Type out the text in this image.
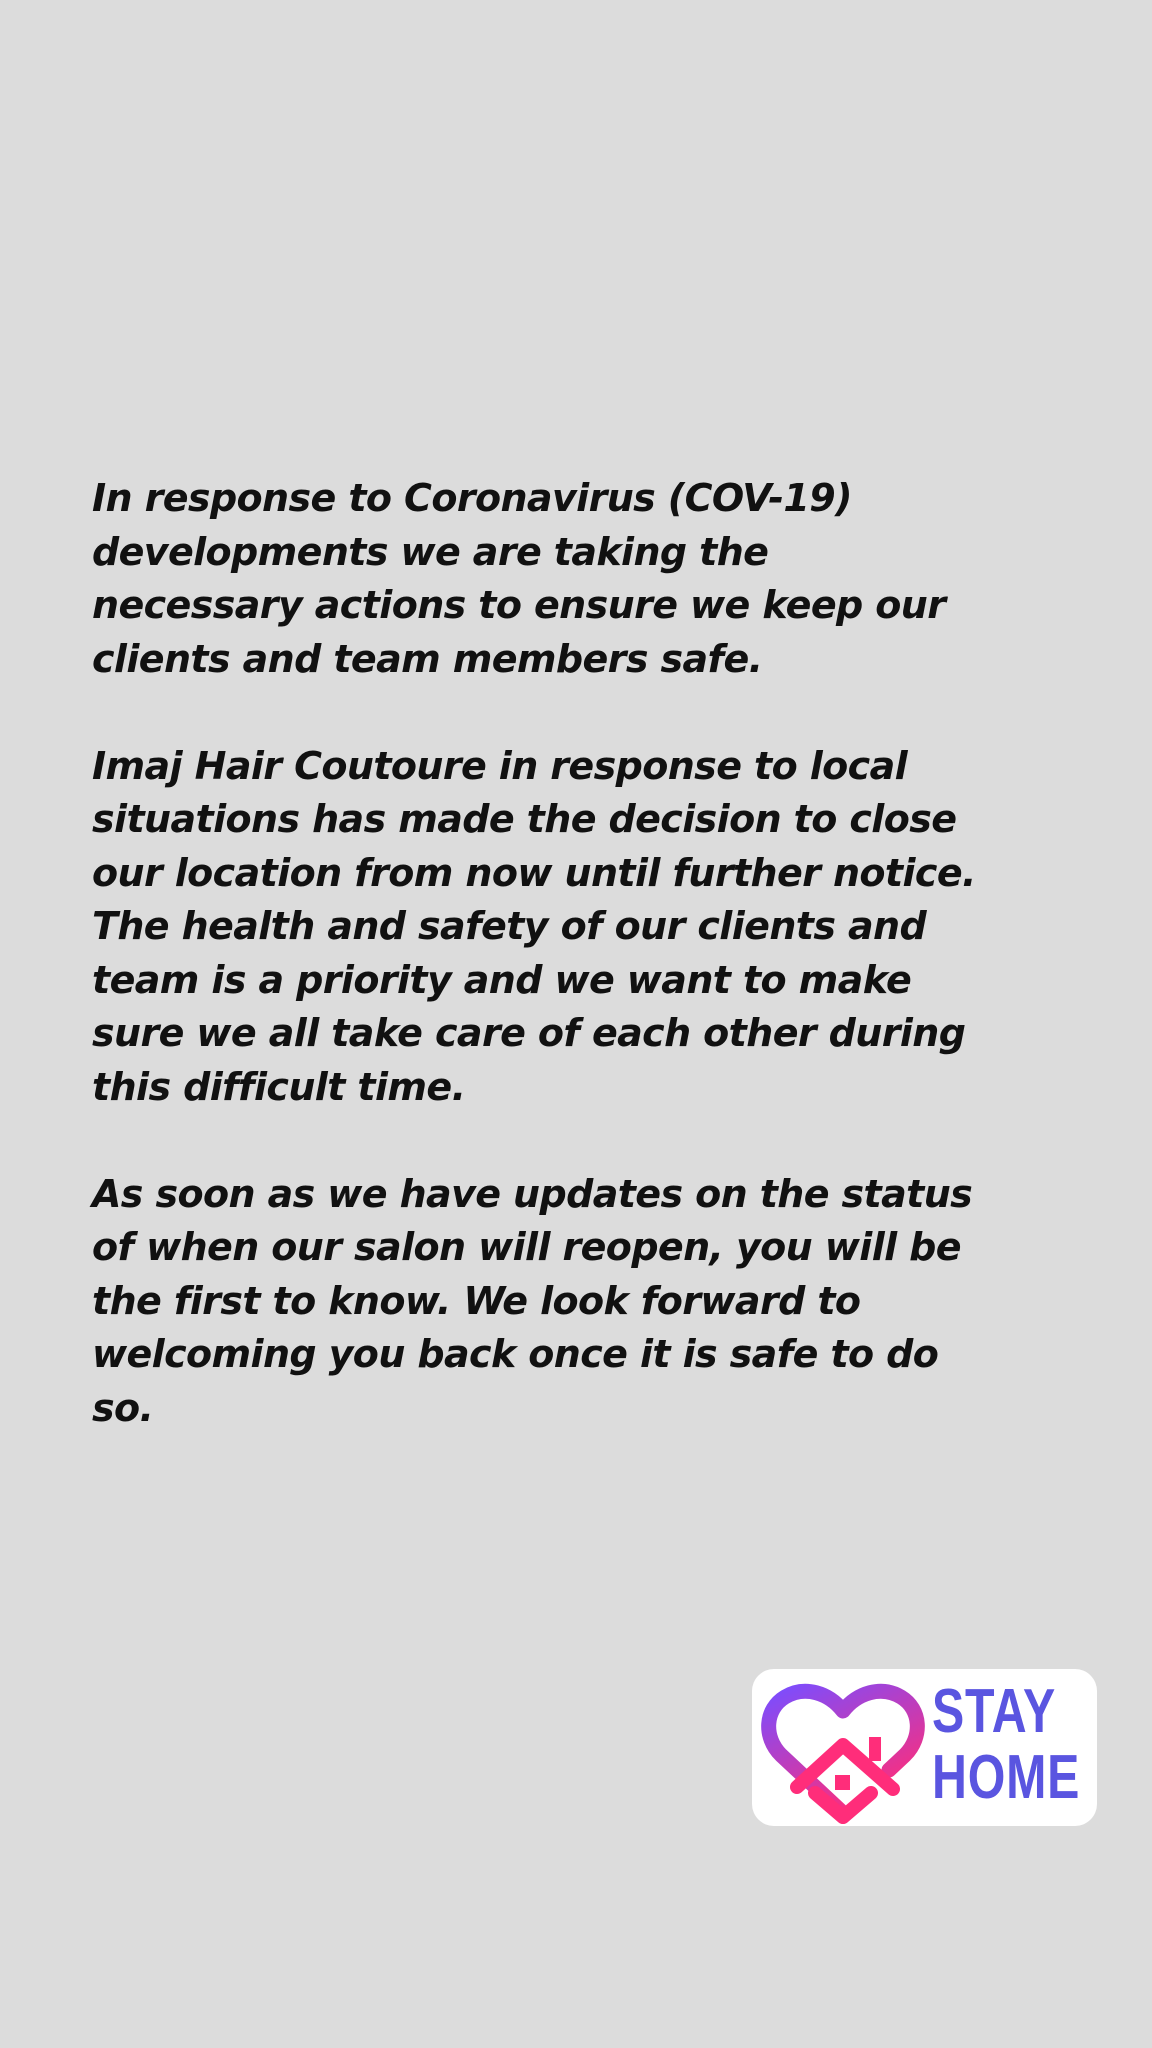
In response to Coronavirus (COV-19)
developments we are taking the
necessary actions to ensure we keep our
clients and team members safe.

Imaj Hair Coutoure in response to local
situations has made the decision to close
our location from now until further notice.
The health and safety of our clients and
team is a priority and we want to make
sure we all take care of each other during
this difficult time.

As soon as we have updates on the status
of when our salon will reopen, you will be
the first to know. We look forward to
welcoming you back once it is safe to do
so.

STAY
HOME
